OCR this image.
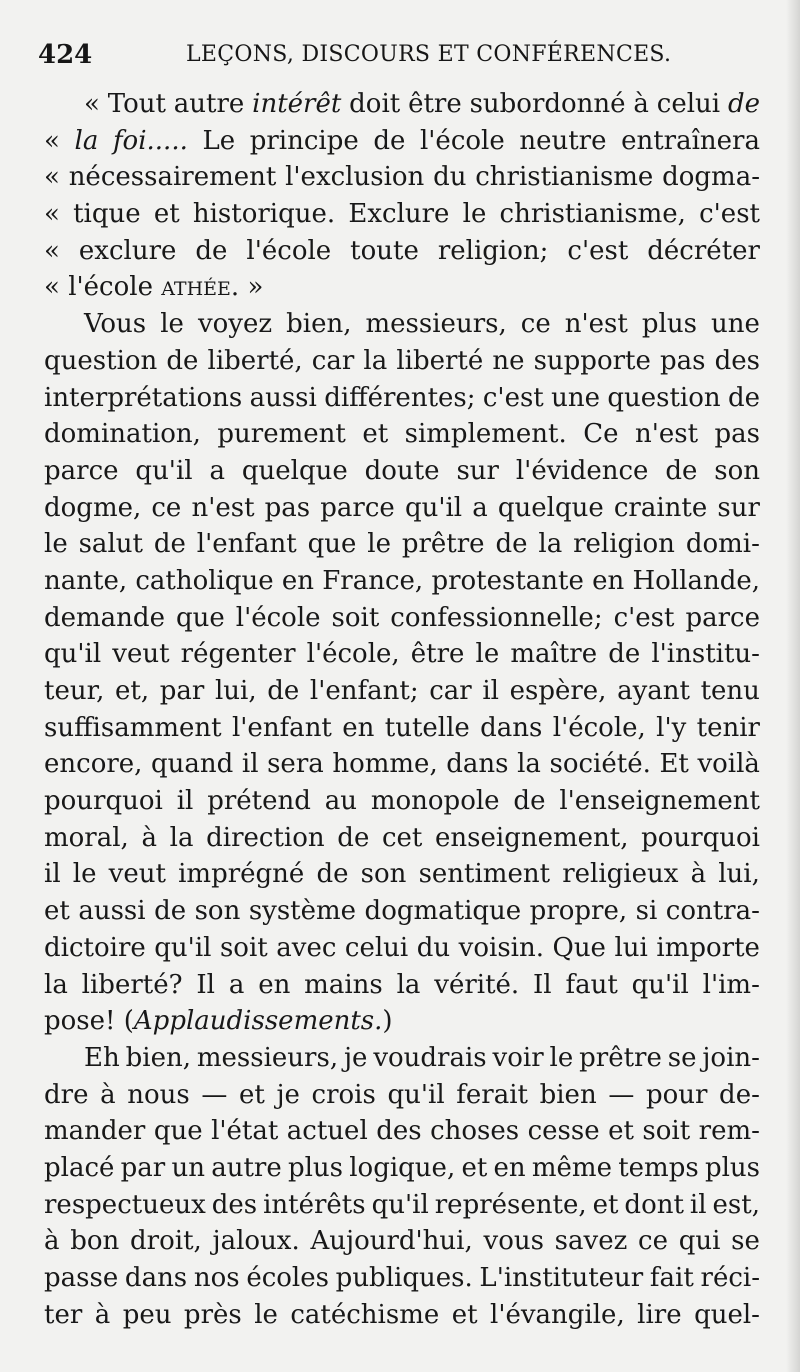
424	LEÇONS, DISCOURS ET CONFÉRENCES.
« Tout autre intérêt doit être subordonné à celui de
« la foi..... Le principe de l'école neutre entraînera
« nécessairement l'exclusion du christianisme dogma-
« tique et historique. Exclure le christianisme, c'est
« exclure de l'école toute religion; c'est décréter
« l'école ATHÉE. »
Vous le voyez bien, messieurs, ce n'est plus une
question de liberté, car la liberté ne supporte pas des
interprétations aussi différentes; c'est une question de
domination, purement et simplement. Ce n'est pas
parce qu'il a quelque doute sur l'évidence de son
dogme, ce n'est pas parce qu'il a quelque crainte sur
le salut de l'enfant que le prêtre de la religion domi-
nante, catholique en France, protestante en Hollande,
demande que l'école soit confessionnelle; c'est parce
qu'il veut régenter l'école, être le maître de l'institu-
teur, et, par lui, de l'enfant; car il espère, ayant tenu
suffisamment l'enfant en tutelle dans l'école, l'y tenir
encore, quand il sera homme, dans la société. Et voilà
pourquoi il prétend au monopole de l'enseignement
moral, à la direction de cet enseignement, pourquoi
il le veut imprégné de son sentiment religieux à lui,
et aussi de son système dogmatique propre, si contra-
dictoire qu'il soit avec celui du voisin. Que lui importe
la liberté? Il a en mains la vérité. Il faut qu'il l'im-
pose! (Applaudissements.)
Eh bien, messieurs, je voudrais voir le prêtre se join-
dre à nous — et je crois qu'il ferait bien — pour de-
mander que l'état actuel des choses cesse et soit rem-
placé par un autre plus logique, et en même temps plus
respectueux des intérêts qu'il représente, et dont il est,
à bon droit, jaloux. Aujourd'hui, vous savez ce qui se
passe dans nos écoles publiques. L'instituteur fait réci-
ter à peu près le catéchisme et l'évangile, lire quel-
